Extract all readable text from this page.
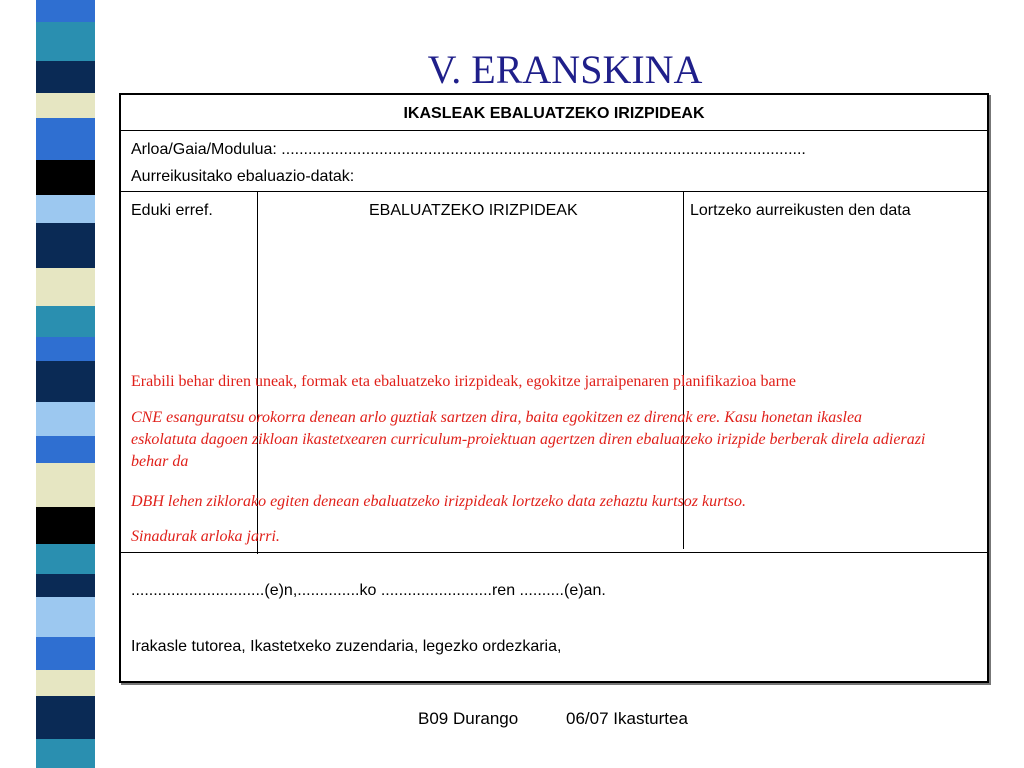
V. ERANSKINA

IKASLEAK EBALUATZEKO IRIZPIDEAK

Arloa/Gaia/Modulua: ......................................................................................................................

Aurreikusitako ebaluazio-datak:

Eduki erref.	EBALUATZEKO IRIZPIDEAK	Lortzeko aurreikusten den data

Erabili behar diren uneak, formak eta ebaluatzeko irizpideak, egokitze jarraipenaren planifikazioa barne

CNE esanguratsu orokorra denean arlo guztiak sartzen dira, baita egokitzen ez direnak ere. Kasu honetan ikaslea eskolatuta dagoen zikloan ikastetxearen curriculum-proiektuan agertzen diren ebaluatzeko irizpide berberak direla adierazi behar da

DBH lehen ziklorako egiten denean ebaluatzeko irizpideak lortzeko data zehaztu kurtsoz kurtso.

Sinadurak arloka jarri.

..............................(e)n,..............ko .........................ren ..........(e)an.

Irakasle tutorea, Ikastetxeko zuzendaria, legezko ordezkaria,

B09 Durango	06/07 Ikasturtea
